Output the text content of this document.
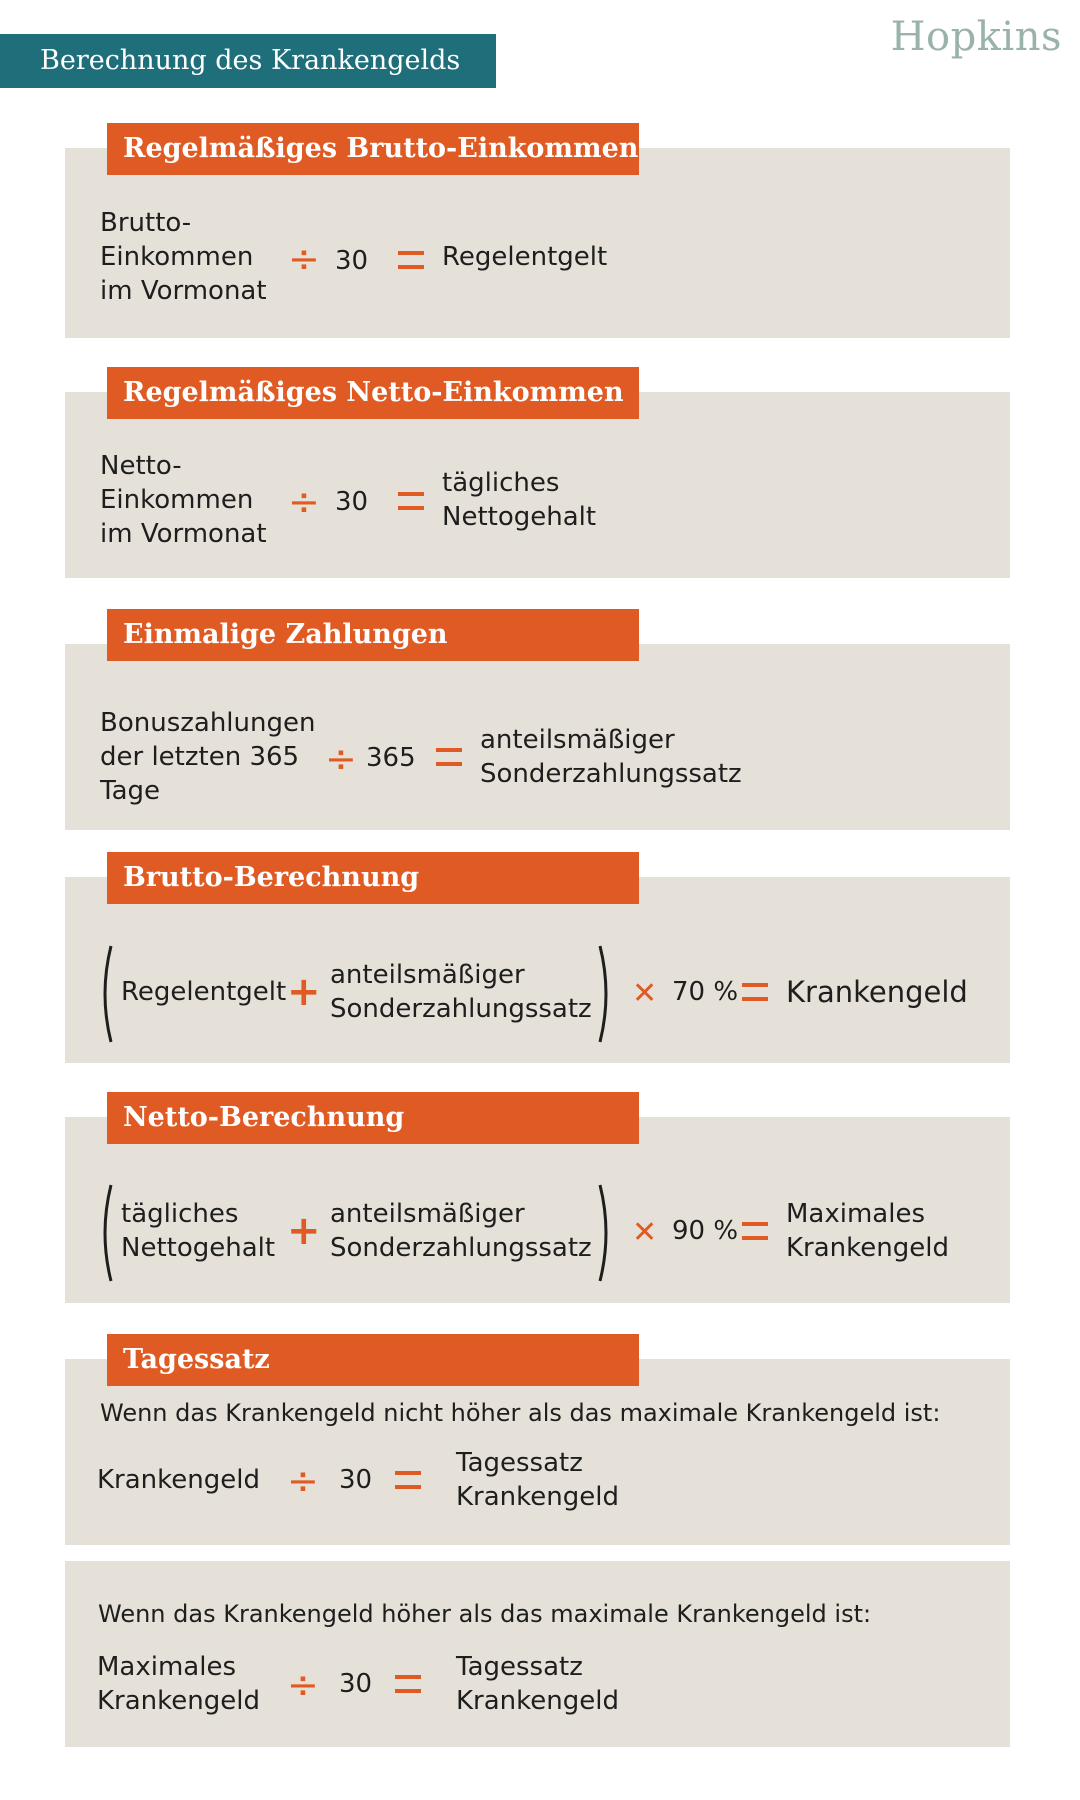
Berechnung des Krankengelds
Hopkins
Regelmäßiges Brutto-Einkommen
Brutto-
Einkommen
im Vormonat
÷ 30	Regelentgelt
Regelmäßiges Netto-Einkommen
Netto-
Einkommen
im Vormonat
÷ 30
tägliches
Nettogehalt
Einmalige Zahlungen
Bonuszahlungen
der letzten 365
Tage
÷ 365
anteilsmäßiger
Sonderzahlungssatz
Brutto-Berechnung
Regelentgelt + anteilsmäßiger
Sonderzahlungssatz ✕ 70 % Krankengeld
Netto-Berechnung
tägliches
Nettogehalt + anteilsmäßiger
Sonderzahlungssatz ✕ 90 %
Maximales
Krankengeld
Tagessatz
Wenn das Krankengeld nicht höher als das maximale Krankengeld ist:
Krankengeld ÷ 30
Tagessatz
Krankengeld
Wenn das Krankengeld höher als das maximale Krankengeld ist:
Maximales
Krankengeld ÷ 30
Tagessatz
Krankengeld
